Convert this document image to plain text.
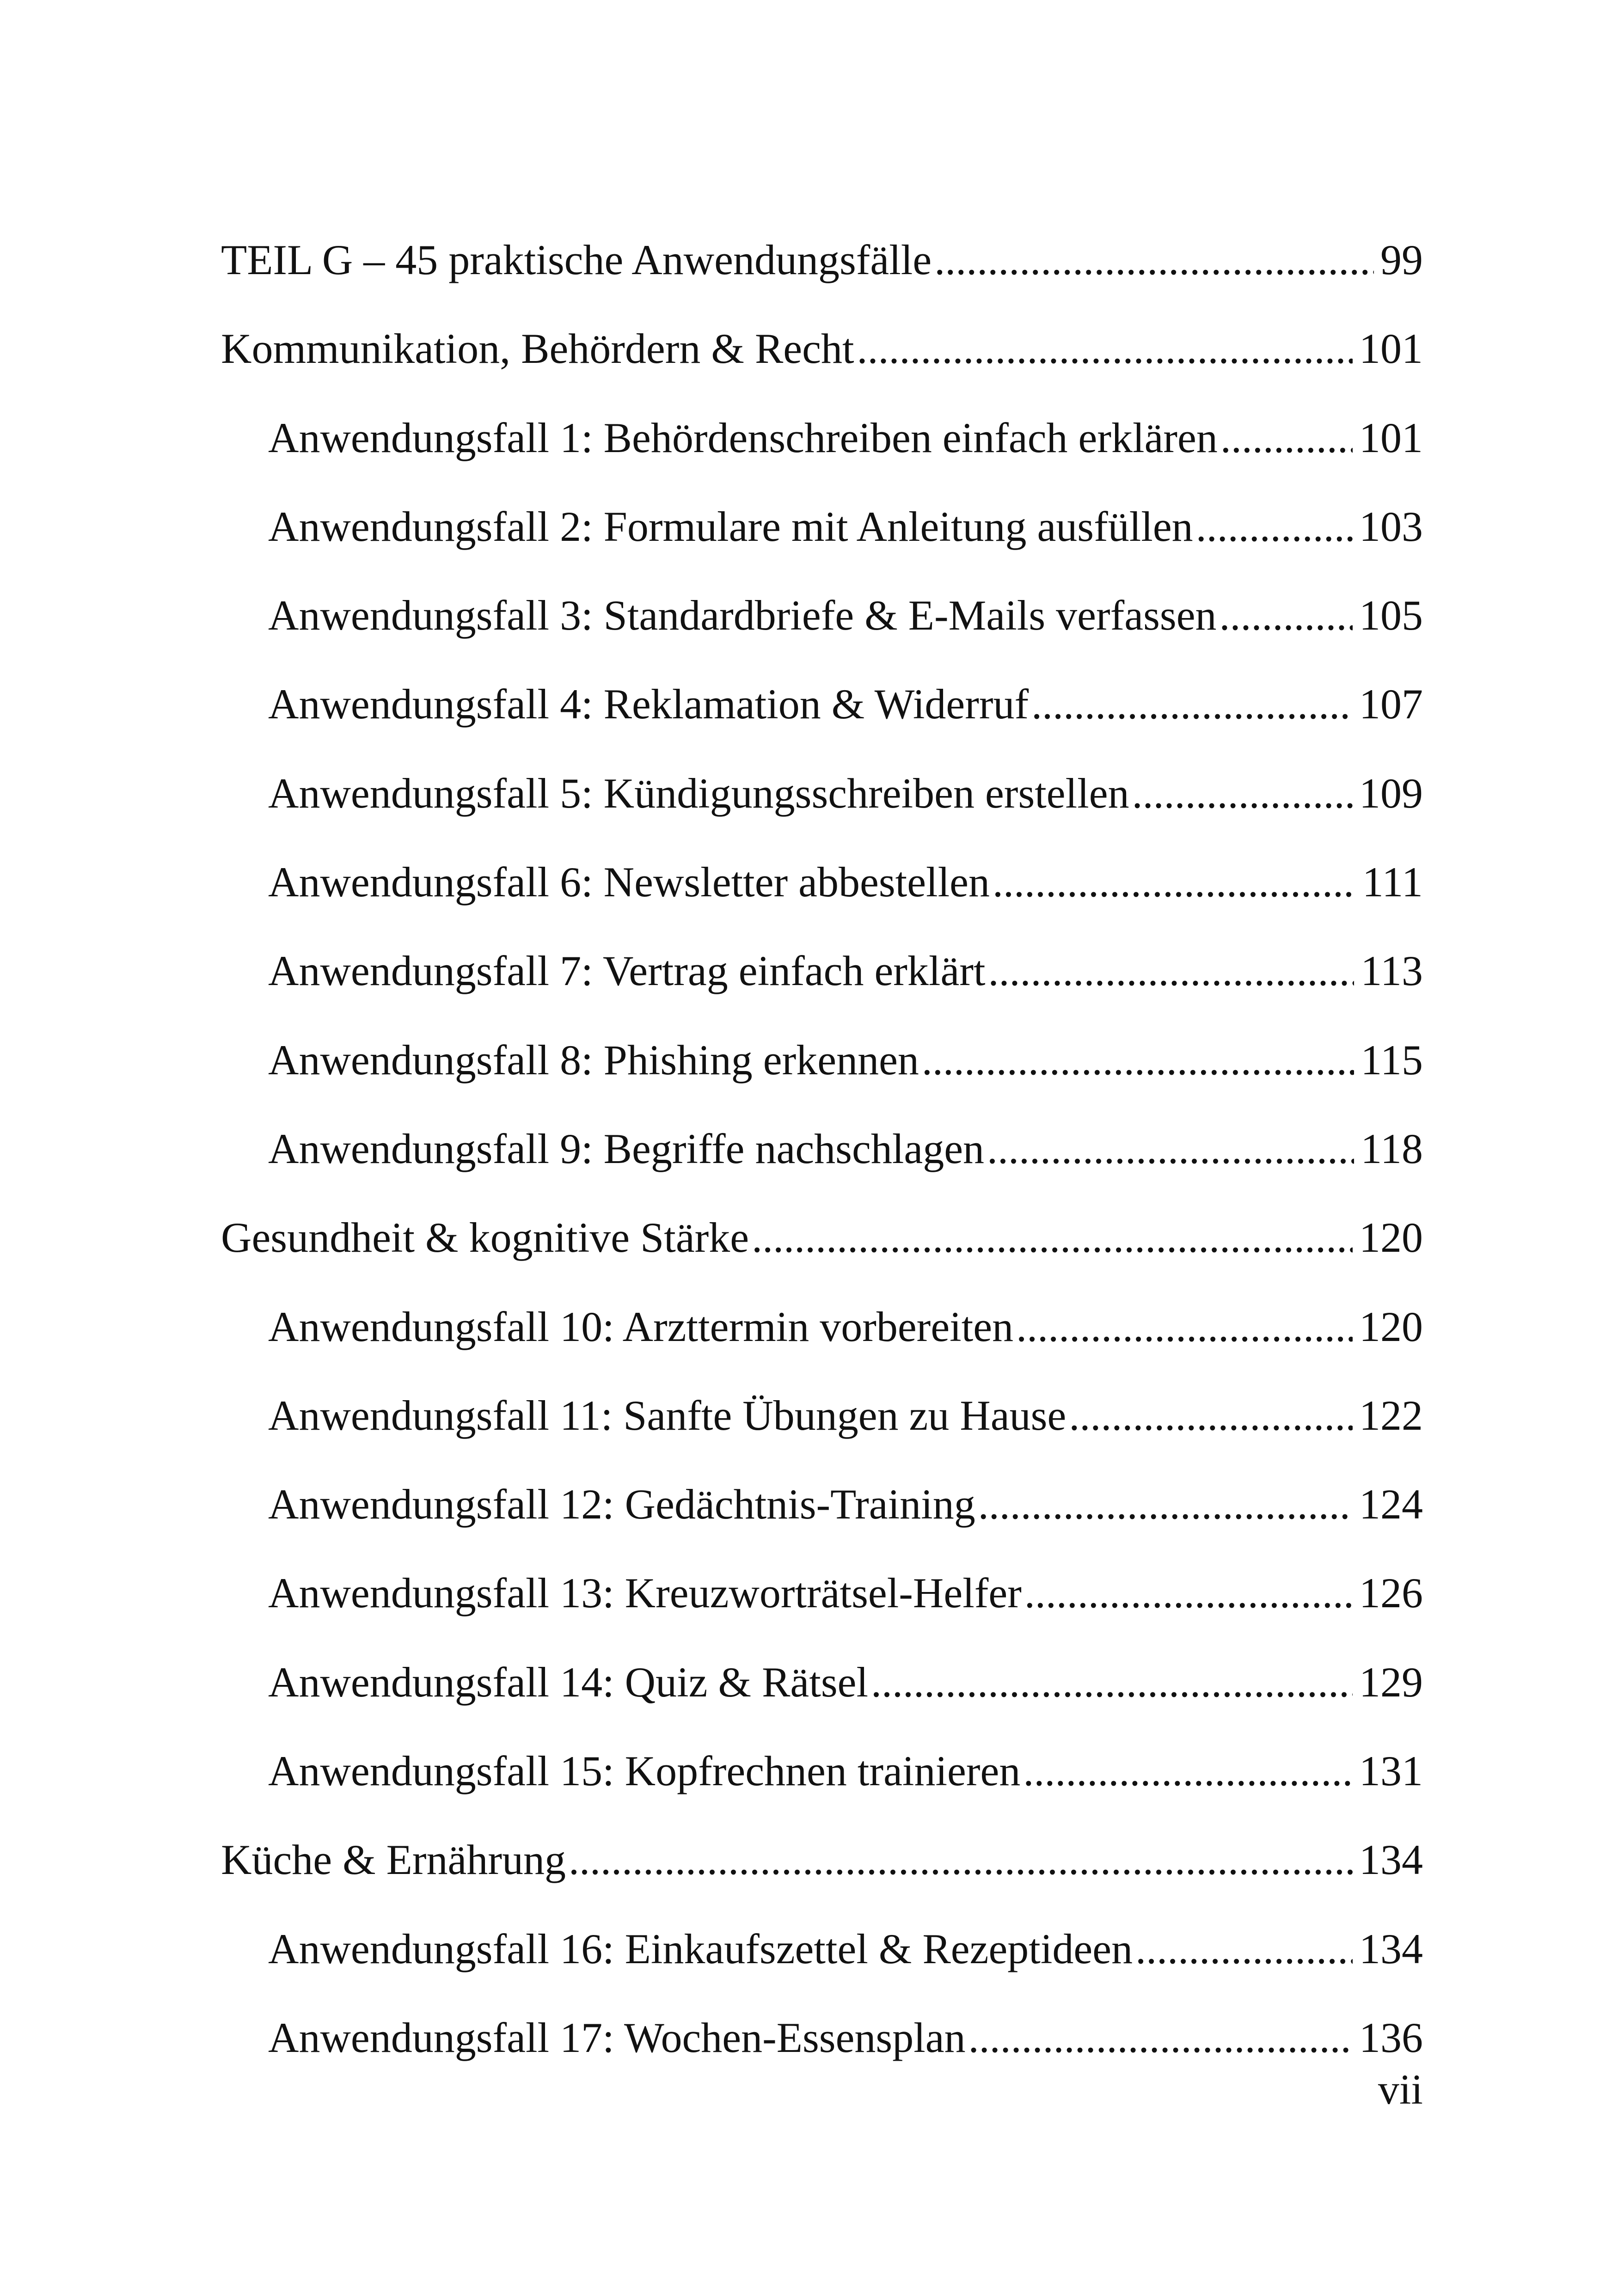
TEIL G – 45 praktische Anwendungsfälle .....	99
Kommunikation, Behördern & Recht .....	101
Anwendungsfall 1: Behördenschreiben einfach erklären .....	101
Anwendungsfall 2: Formulare mit Anleitung ausfüllen .....	103
Anwendungsfall 3: Standardbriefe & E-Mails verfassen .....	105
Anwendungsfall 4: Reklamation & Widerruf .....	107
Anwendungsfall 5: Kündigungsschreiben erstellen .....	109
Anwendungsfall 6: Newsletter abbestellen .....	111
Anwendungsfall 7: Vertrag einfach erklärt .....	113
Anwendungsfall 8: Phishing erkennen .....	115
Anwendungsfall 9: Begriffe nachschlagen .....	118
Gesundheit & kognitive Stärke .....	120
Anwendungsfall 10: Arzttermin vorbereiten .....	120
Anwendungsfall 11: Sanfte Übungen zu Hause .....	122
Anwendungsfall 12: Gedächtnis-Training .....	124
Anwendungsfall 13: Kreuzworträtsel-Helfer .....	126
Anwendungsfall 14: Quiz & Rätsel .....	129
Anwendungsfall 15: Kopfrechnen trainieren .....	131
Küche & Ernährung .....	134
Anwendungsfall 16: Einkaufszettel & Rezeptideen .....	134
Anwendungsfall 17: Wochen-Essensplan .....	136
vii
